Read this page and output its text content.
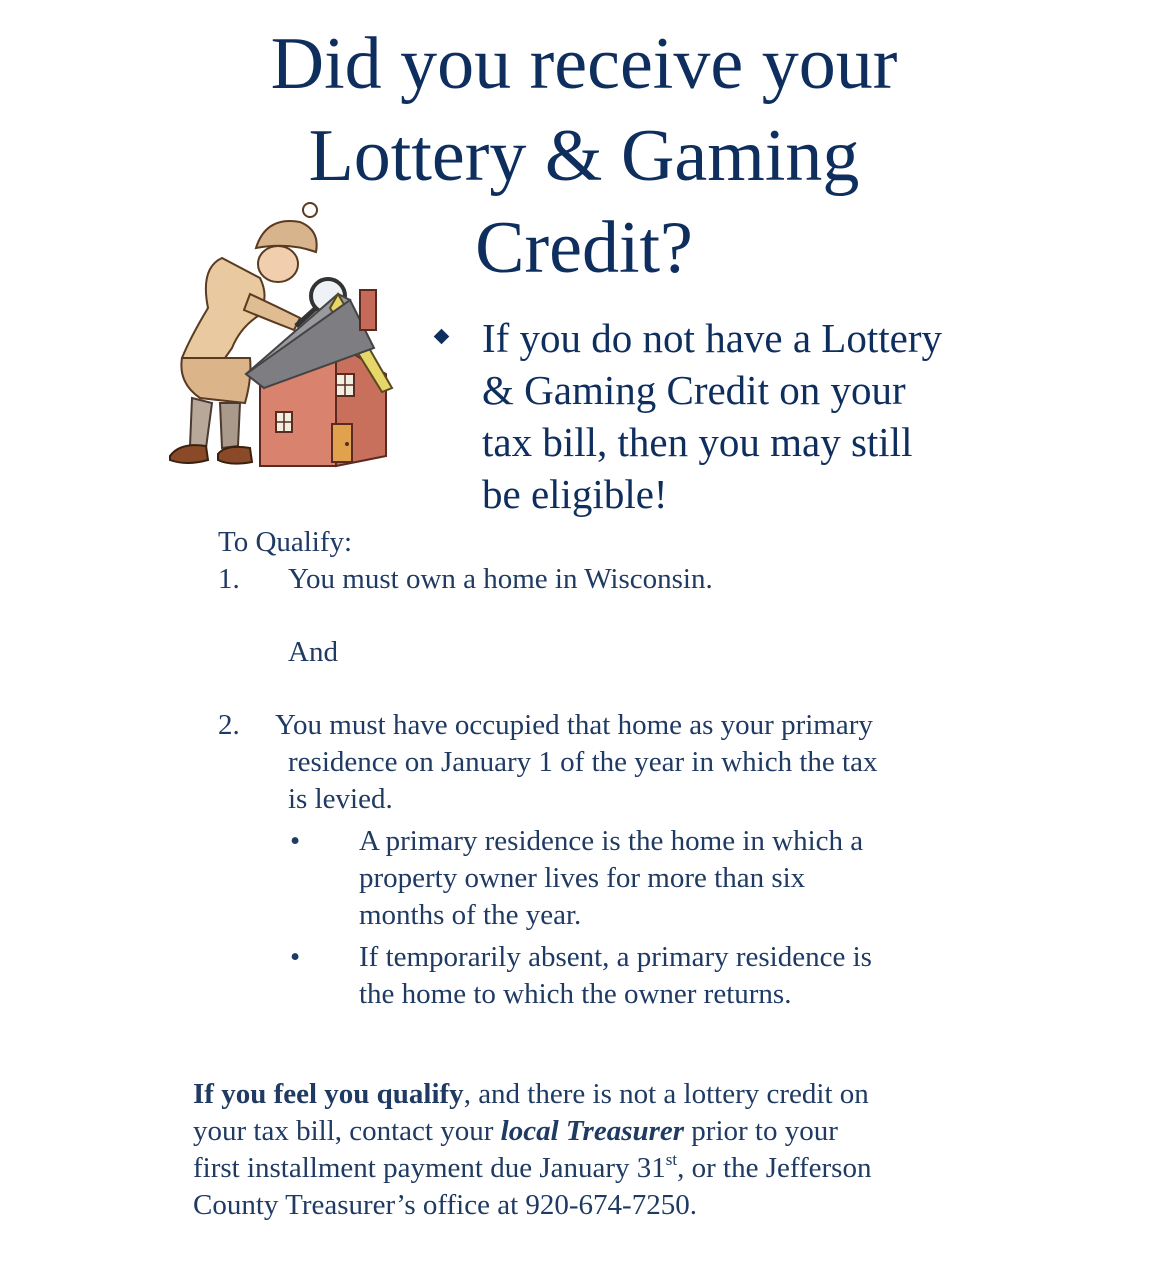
Did you receive your
Lottery & Gaming
Credit?
If you do not have a Lottery
& Gaming Credit on your
tax bill, then you may still
be eligible!
To Qualify:
1. You must own a home in Wisconsin.
And
2. You must have occupied that home as your primary
residence on January 1 of the year in which the tax
is levied.
• A primary residence is the home in which a
property owner lives for more than six
months of the year.
• If temporarily absent, a primary residence is
the home to which the owner returns.
If you feel you qualify, and there is not a lottery credit on
your tax bill, contact your local Treasurer prior to your
first installment payment due January 31st, or the Jefferson
County Treasurer’s office at 920-674-7250.
